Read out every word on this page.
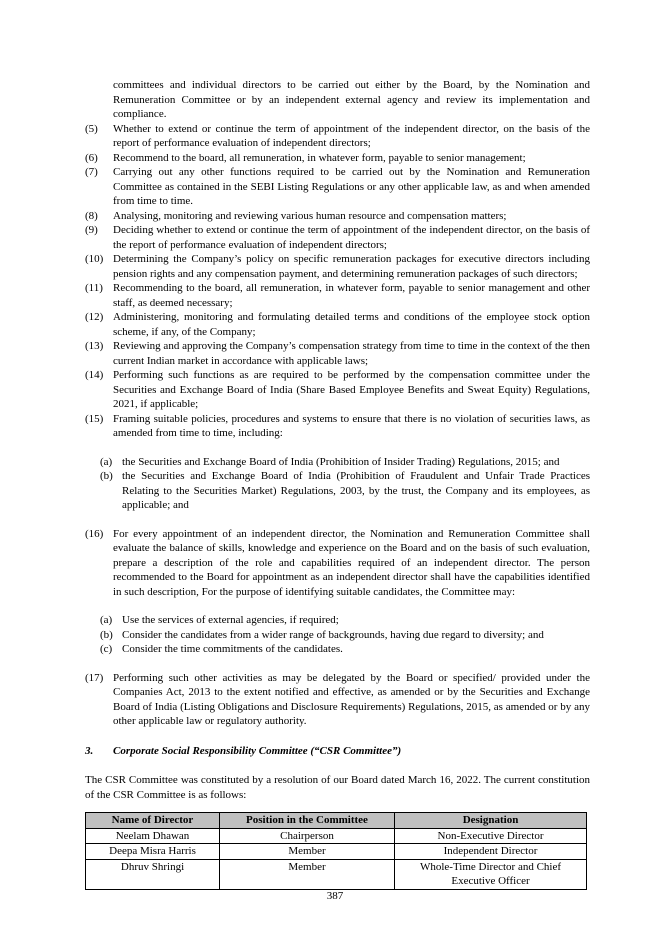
committees and individual directors to be carried out either by the Board, by the Nomination and Remuneration Committee or by an independent external agency and review its implementation and compliance.
(5)	Whether to extend or continue the term of appointment of the independent director, on the basis of the report of performance evaluation of independent directors;
(6)	Recommend to the board, all remuneration, in whatever form, payable to senior management;
(7)	Carrying out any other functions required to be carried out by the Nomination and Remuneration Committee as contained in the SEBI Listing Regulations or any other applicable law, as and when amended from time to time.
(8)	Analysing, monitoring and reviewing various human resource and compensation matters;
(9)	Deciding whether to extend or continue the term of appointment of the independent director, on the basis of the report of performance evaluation of independent directors;
(10) Determining the Company’s policy on specific remuneration packages for executive directors including pension rights and any compensation payment, and determining remuneration packages of such directors;
(11) Recommending to the board, all remuneration, in whatever form, payable to senior management and other staff, as deemed necessary;
(12) Administering, monitoring and formulating detailed terms and conditions of the employee stock option scheme, if any, of the Company;
(13) Reviewing and approving the Company’s compensation strategy from time to time in the context of the then current Indian market in accordance with applicable laws;
(14) Performing such functions as are required to be performed by the compensation committee under the Securities and Exchange Board of India (Share Based Employee Benefits and Sweat Equity) Regulations, 2021, if applicable;
(15) Framing suitable policies, procedures and systems to ensure that there is no violation of securities laws, as amended from time to time, including:
(a) the Securities and Exchange Board of India (Prohibition of Insider Trading) Regulations, 2015; and
(b) the Securities and Exchange Board of India (Prohibition of Fraudulent and Unfair Trade Practices Relating to the Securities Market) Regulations, 2003, by the trust, the Company and its employees, as applicable; and
(16) For every appointment of an independent director, the Nomination and Remuneration Committee shall evaluate the balance of skills, knowledge and experience on the Board and on the basis of such evaluation, prepare a description of the role and capabilities required of an independent director. The person recommended to the Board for appointment as an independent director shall have the capabilities identified in such description, For the purpose of identifying suitable candidates, the Committee may:
(a) Use the services of external agencies, if required;
(b) Consider the candidates from a wider range of backgrounds, having due regard to diversity; and
(c) Consider the time commitments of the candidates.
(17) Performing such other activities as may be delegated by the Board or specified/ provided under the Companies Act, 2013 to the extent notified and effective, as amended or by the Securities and Exchange Board of India (Listing Obligations and Disclosure Requirements) Regulations, 2015, as amended or by any other applicable law or regulatory authority.
3.	Corporate Social Responsibility Committee (“CSR Committee”)
The CSR Committee was constituted by a resolution of our Board dated March 16, 2022. The current constitution of the CSR Committee is as follows:
Name of Director	Position in the Committee	Designation
Neelam Dhawan	Chairperson	Non-Executive Director
Deepa Misra Harris	Member	Independent Director
Dhruv Shringi	Member	Whole-Time Director and Chief Executive Officer
387
